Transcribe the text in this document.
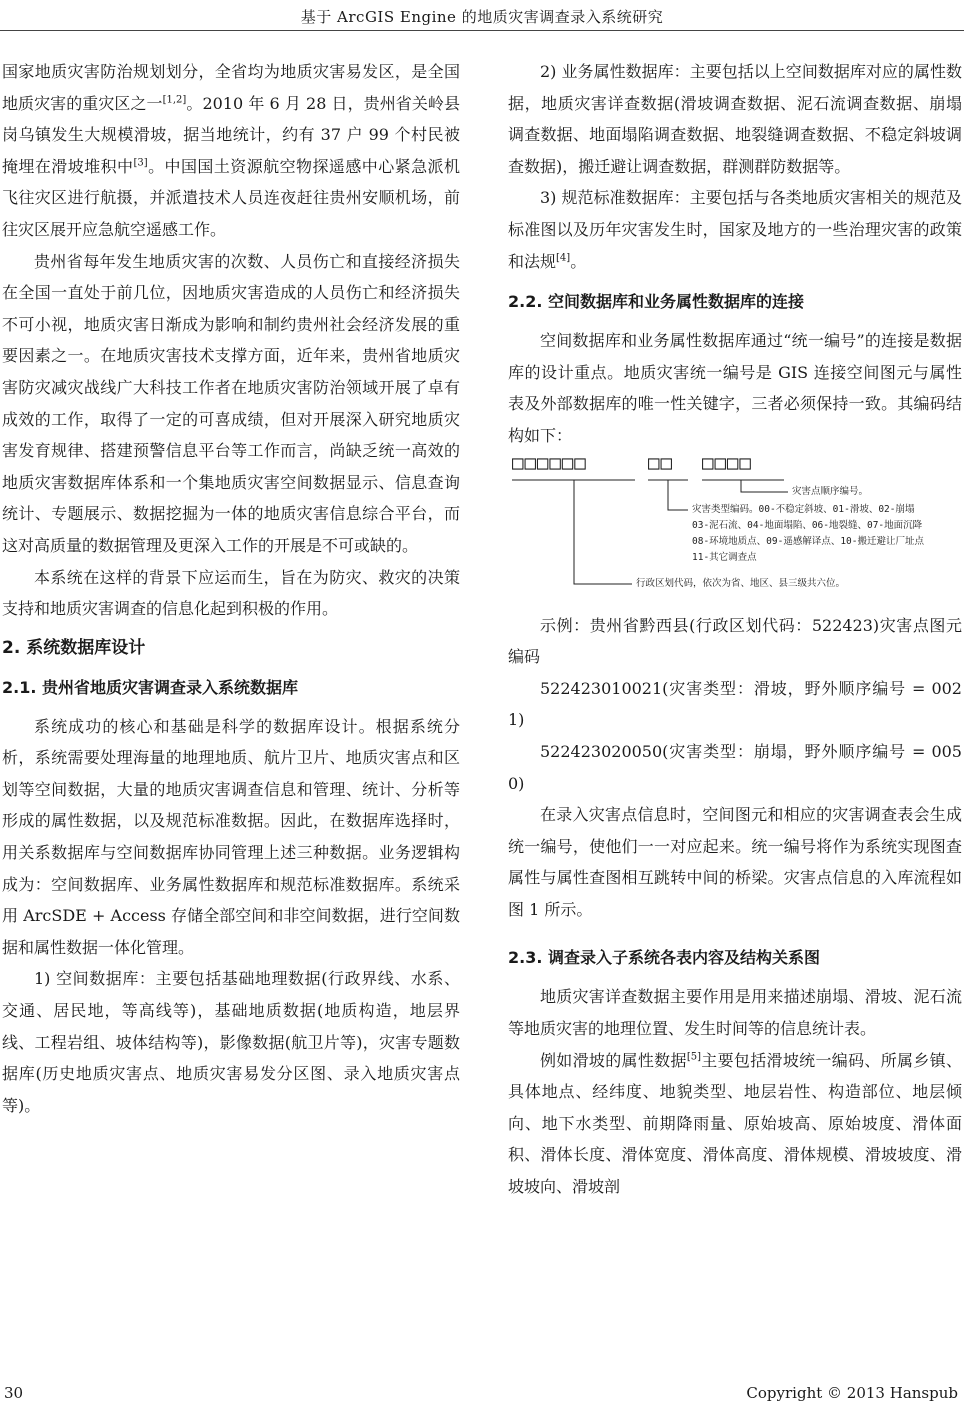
基于 ArcGIS Engine 的地质灾害调查录入系统研究

国家地质灾害防治规划划分，全省均为地质灾害易发区，是全国地质灾害的重灾区之一[1,2]。2010 年 6 月 28 日，贵州省关岭县岗乌镇发生大规模滑坡，据当地统计，约有 37 户 99 个村民被掩埋在滑坡堆积中[3]。中国国土资源航空物探遥感中心紧急派机飞往灾区进行航摄，并派遣技术人员连夜赶往贵州安顺机场，前往灾区展开应急航空遥感工作。

贵州省每年发生地质灾害的次数、人员伤亡和直接经济损失在全国一直处于前几位，因地质灾害造成的人员伤亡和经济损失不可小视，地质灾害日渐成为影响和制约贵州社会经济发展的重要因素之一。在地质灾害技术支撑方面，近年来，贵州省地质灾害防灾减灾战线广大科技工作者在地质灾害防治领域开展了卓有成效的工作，取得了一定的可喜成绩，但对开展深入研究地质灾害发育规律、搭建预警信息平台等工作而言，尚缺乏统一高效的地质灾害数据库体系和一个集地质灾害空间数据显示、信息查询统计、专题展示、数据挖掘为一体的地质灾害信息综合平台，而这对高质量的数据管理及更深入工作的开展是不可或缺的。

本系统在这样的背景下应运而生，旨在为防灾、救灾的决策支持和地质灾害调查的信息化起到积极的作用。

2. 系统数据库设计
2.1. 贵州省地质灾害调查录入系统数据库

系统成功的核心和基础是科学的数据库设计。根据系统分析，系统需要处理海量的地理地质、航片卫片、地质灾害点和区划等空间数据，大量的地质灾害调查信息和管理、统计、分析等形成的属性数据，以及规范标准数据。因此，在数据库选择时，用关系数据库与空间数据库协同管理上述三种数据。业务逻辑构成为：空间数据库、业务属性数据库和规范标准数据库。系统采用 ArcSDE + Access 存储全部空间和非空间数据，进行空间数据和属性数据一体化管理。

1) 空间数据库：主要包括基础地理数据(行政界线、水系、交通、居民地，等高线等)，基础地质数据(地质构造，地层界线、工程岩组、坡体结构等)，影像数据(航卫片等)，灾害专题数据库(历史地质灾害点、地质灾害易发分区图、录入地质灾害点等)。

2) 业务属性数据库：主要包括以上空间数据库对应的属性数据，地质灾害详查数据(滑坡调查数据、泥石流调查数据、崩塌调查数据、地面塌陷调查数据、地裂缝调查数据、不稳定斜坡调查数据)，搬迁避让调查数据，群测群防数据等。

3) 规范标准数据库：主要包括与各类地质灾害相关的规范及标准图以及历年灾害发生时，国家及地方的一些治理灾害的政策和法规[4]。

2.2. 空间数据库和业务属性数据库的连接

空间数据库和业务属性数据库通过“统一编号”的连接是数据库的设计重点。地质灾害统一编号是 GIS 连接空间图元与属性表及外部数据库的唯一性关键字，三者必须保持一致。其编码结构如下：

□□□□□□	□□ □□□□
灾害点顺序编号。
灾害类型编码。00-不稳定斜坡、01-滑坡、02-崩塌
03-泥石流、04-地面塌陷、06-地裂缝、07-地面沉降
08-环境地质点、09-遥感解译点、10-搬迁避让厂址点
11-其它调查点
行政区划代码，依次为省、地区、县三级共六位。

示例：贵州省黔西县(行政区划代码：522423)灾害点图元编码

522423010021(灾害类型：滑坡，野外顺序编号 = 0021)

522423020050(灾害类型：崩塌，野外顺序编号 = 0050)

在录入灾害点信息时，空间图元和相应的灾害调查表会生成统一编号，使他们一一对应起来。统一编号将作为系统实现图查属性与属性查图相互跳转中间的桥梁。灾害点信息的入库流程如图 1 所示。

2.3. 调查录入子系统各表内容及结构关系图

地质灾害详查数据主要作用是用来描述崩塌、滑坡、泥石流等地质灾害的地理位置、发生时间等的信息统计表。

例如滑坡的属性数据[5]主要包括滑坡统一编码、所属乡镇、具体地点、经纬度、地貌类型、地层岩性、构造部位、地层倾向、地下水类型、前期降雨量、原始坡高、原始坡度、滑体面积、滑体长度、滑体宽度、滑体高度、滑体规模、滑坡坡度、滑坡坡向、滑坡剖

30	Copyright © 2013 Hanspub
